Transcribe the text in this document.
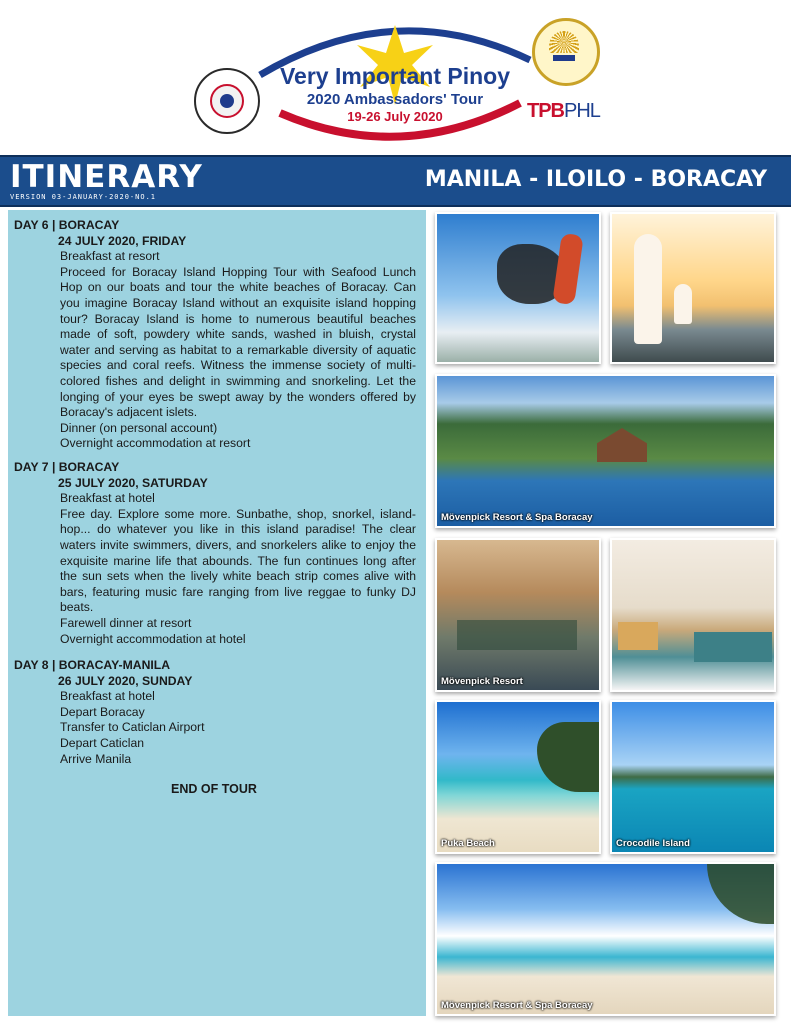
Very Important Pinoy
2020 Ambassadors' Tour
19-26 July 2020	TPBPHL
ITINERARY
VERSION 03-JANUARY-2020-NO.1
MANILA - ILOILO - BORACAY
DAY 6 | BORACAY
24 JULY 2020, FRIDAY
Breakfast at resort
Proceed for Boracay Island Hopping Tour with Seafood Lunch Hop on our boats and tour the white beaches of Boracay. Can you imagine Boracay Island without an exquisite island hopping tour? Boracay Island is home to numerous beautiful beaches made of soft, powdery white sands, washed in bluish, crystal water and serving as habitat to a remarkable diversity of aquatic species and coral reefs. Witness the immense society of multi-colored fishes and delight in swimming and snorkeling. Let the longing of your eyes be swept away by the wonders offered by Boracay's adjacent islets.
Dinner (on personal account)
Overnight accommodation at resort
DAY 7 | BORACAY
25 JULY 2020, SATURDAY
Breakfast at hotel
Free day. Explore some more. Sunbathe, shop, snorkel, island-hop... do whatever you like in this island paradise! The clear waters invite swimmers, divers, and snorkelers alike to enjoy the exquisite marine life that abounds. The fun continues long after the sun sets when the lively white beach strip comes alive with bars, featuring music fare ranging from live reggae to funky DJ beats.
Farewell dinner at resort
Overnight accommodation at hotel
DAY 8 | BORACAY-MANILA
26 JULY 2020, SUNDAY
Breakfast at hotel
Depart Boracay
Transfer to Caticlan Airport
Depart Caticlan
Arrive Manila
END OF TOUR
Mövenpick Resort & Spa Boracay
Mövenpick Resort
Puka Beach	Crocodile Island
Mövenpick Resort & Spa Boracay
